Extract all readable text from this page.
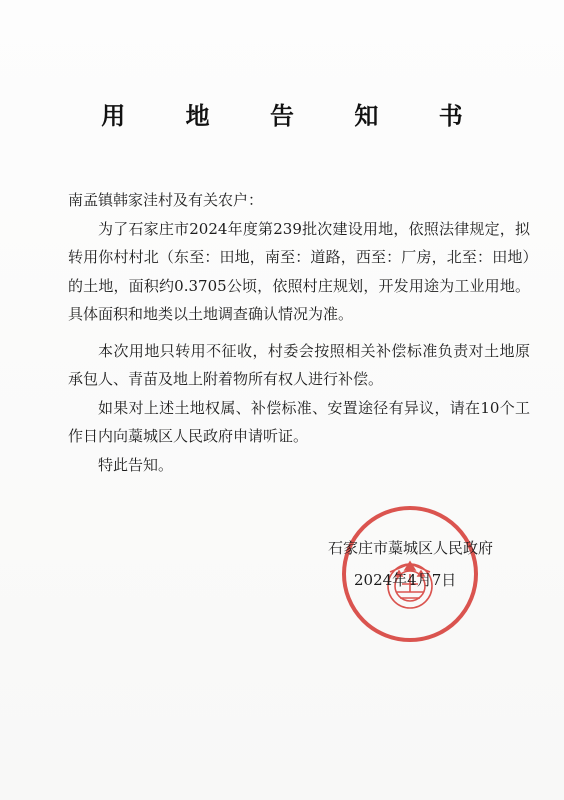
用 地 告 知 书

南孟镇韩家洼村及有关农户：

为了石家庄市2024年度第239批次建设用地，依照法律规定，拟转用你村村北（东至：田地，南至：道路，西至：厂房，北至：田地）的土地，面积约0.3705公顷，依照村庄规划，开发用途为工业用地。具体面积和地类以土地调查确认情况为准。

本次用地只转用不征收，村委会按照相关补偿标准负责对土地原承包人、青苗及地上附着物所有权人进行补偿。

如果对上述土地权属、补偿标准、安置途径有异议，请在10个工作日内向藁城区人民政府申请听证。

特此告知。

石家庄市藁城区人民政府
2024年4月7日
